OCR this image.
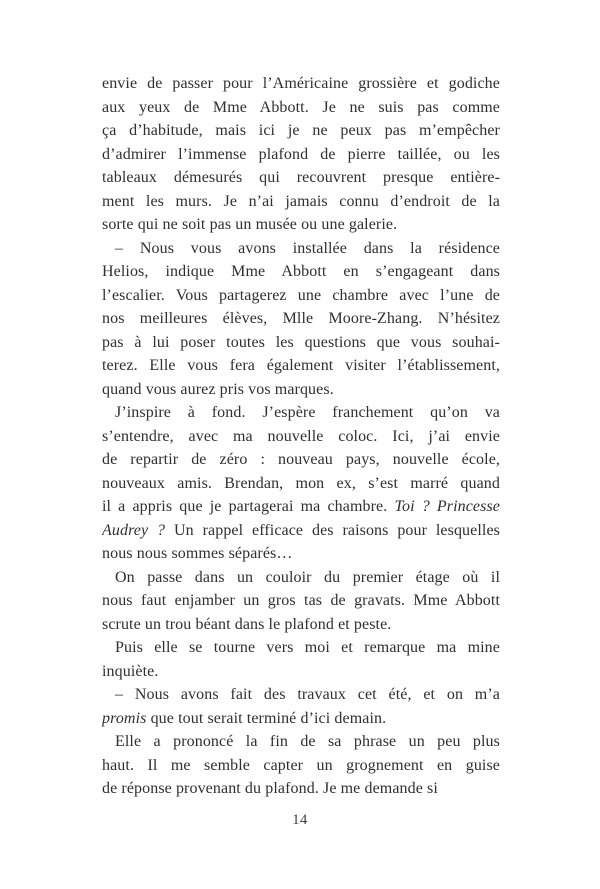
envie de passer pour l’Américaine grossière et godiche
aux yeux de Mme Abbott. Je ne suis pas comme
ça d’habitude, mais ici je ne peux pas m’empêcher
d’admirer l’immense plafond de pierre taillée, ou les
tableaux démesurés qui recouvrent presque entière-
ment les murs. Je n’ai jamais connu d’endroit de la
sorte qui ne soit pas un musée ou une galerie.
– Nous vous avons installée dans la résidence
Helios, indique Mme Abbott en s’engageant dans
l’escalier. Vous partagerez une chambre avec l’une de
nos meilleures élèves, Mlle Moore-Zhang. N’hésitez
pas à lui poser toutes les questions que vous souhai-
terez. Elle vous fera également visiter l’établissement,
quand vous aurez pris vos marques.
J’inspire à fond. J’espère franchement qu’on va
s’entendre, avec ma nouvelle coloc. Ici, j’ai envie
de repartir de zéro : nouveau pays, nouvelle école,
nouveaux amis. Brendan, mon ex, s’est marré quand
il a appris que je partagerai ma chambre. Toi ? Princesse
Audrey ? Un rappel efficace des raisons pour lesquelles
nous nous sommes séparés…
On passe dans un couloir du premier étage où il
nous faut enjamber un gros tas de gravats. Mme Abbott
scrute un trou béant dans le plafond et peste.
Puis elle se tourne vers moi et remarque ma mine
inquiète.
– Nous avons fait des travaux cet été, et on m’a
promis que tout serait terminé d’ici demain.
Elle a prononcé la fin de sa phrase un peu plus
haut. Il me semble capter un grognement en guise
de réponse provenant du plafond. Je me demande si
14
